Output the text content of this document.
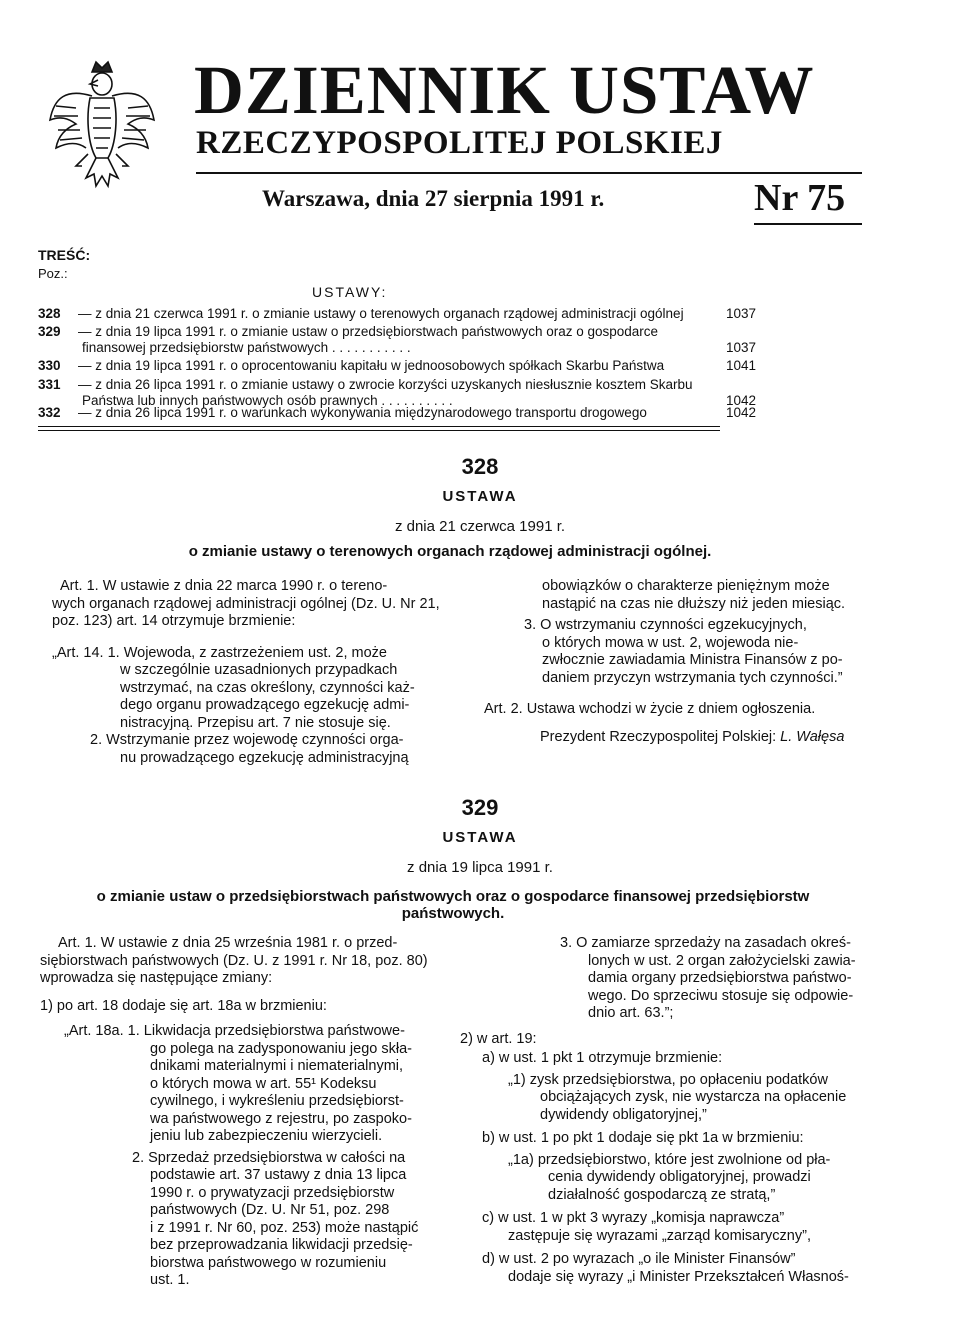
DZIENNIK USTAW
RZECZYPOSPOLITEJ POLSKIEJ
Warszawa, dnia 27 sierpnia 1991 r.	Nr 75
TREŚĆ:
Poz.:
USTAWY:
328 — z dnia 21 czerwca 1991 r. o zmianie ustawy o terenowych organach rządowej administracji ogólnej	1037
329 — z dnia 19 lipca 1991 r. o zmianie ustaw o przedsiębiorstwach państwowych oraz o gospodarce
finansowej przedsiębiorstw państwowych . . . . . . . . . . .	1037
330 — z dnia 19 lipca 1991 r. o oprocentowaniu kapitału w jednoosobowych spółkach Skarbu Państwa	1041
331 — z dnia 26 lipca 1991 r. o zmianie ustawy o zwrocie korzyści uzyskanych niesłusznie kosztem Skarbu
Państwa lub innych państwowych osób prawnych . . . . . . . . . .	1042
332 — z dnia 26 lipca 1991 r. o warunkach wykonywania międzynarodowego transportu drogowego	1042
328
USTAWA
z dnia 21 czerwca 1991 r.
o zmianie ustawy o terenowych organach rządowej administracji ogólnej.
Art. 1. W ustawie z dnia 22 marca 1990 r. o tereno-
wych organach rządowej administracji ogólnej (Dz. U. Nr 21,
poz. 123) art. 14 otrzymuje brzmienie:
„Art. 14. 1. Wojewoda, z zastrzeżeniem ust. 2, może
w szczególnie uzasadnionych przypadkach
wstrzymać, na czas określony, czynności każ-
dego organu prowadzącego egzekucję admi-
nistracyjną. Przepisu art. 7 nie stosuje się.
2. Wstrzymanie przez wojewodę czynności orga-
nu prowadzącego egzekucję administracyjną
obowiązków o charakterze pieniężnym może
nastąpić na czas nie dłuższy niż jeden miesiąc.
3. O wstrzymaniu czynności egzekucyjnych,
o których mowa w ust. 2, wojewoda nie-
zwłocznie zawiadamia Ministra Finansów z po-
daniem przyczyn wstrzymania tych czynności.”
Art. 2. Ustawa wchodzi w życie z dniem ogłoszenia.
Prezydent Rzeczypospolitej Polskiej: L. Wałęsa
329
USTAWA
z dnia 19 lipca 1991 r.
o zmianie ustaw o przedsiębiorstwach państwowych oraz o gospodarce finansowej przedsiębiorstw
państwowych.
Art. 1. W ustawie z dnia 25 września 1981 r. o przed-
siębiorstwach państwowych (Dz. U. z 1991 r. Nr 18, poz. 80)
wprowadza się następujące zmiany:
1) po art. 18 dodaje się art. 18a w brzmieniu:
„Art. 18a. 1. Likwidacja przedsiębiorstwa państwowe-
go polega na zadysponowaniu jego skła-
dnikami materialnymi i niematerialnymi,
o których mowa w art. 55¹ Kodeksu
cywilnego, i wykreśleniu przedsiębiorst-
wa państwowego z rejestru, po zaspoko-
jeniu lub zabezpieczeniu wierzycieli.
2. Sprzedaż przedsiębiorstwa w całości na
podstawie art. 37 ustawy z dnia 13 lipca
1990 r. o prywatyzacji przedsiębiorstw
państwowych (Dz. U. Nr 51, poz. 298
i z 1991 r. Nr 60, poz. 253) może nastąpić
bez przeprowadzania likwidacji przedsię-
biorstwa państwowego w rozumieniu
ust. 1.
3. O zamiarze sprzedaży na zasadach okreś-
lonych w ust. 2 organ założycielski zawia-
damia organy przedsiębiorstwa państwo-
wego. Do sprzeciwu stosuje się odpowie-
dnio art. 63.”;
2) w art. 19:
a) w ust. 1 pkt 1 otrzymuje brzmienie:
„1) zysk przedsiębiorstwa, po opłaceniu podatków
obciążających zysk, nie wystarcza na opłacenie
dywidendy obligatoryjnej,”
b) w ust. 1 po pkt 1 dodaje się pkt 1a w brzmieniu:
„1a) przedsiębiorstwo, które jest zwolnione od pła-
cenia dywidendy obligatoryjnej, prowadzi
działalność gospodarczą ze stratą,”
c) w ust. 1 w pkt 3 wyrazy „komisja naprawcza”
zastępuje się wyrazami „zarząd komisaryczny”,
d) w ust. 2 po wyrazach „o ile Minister Finansów”
dodaje się wyrazy „i Minister Przekształceń Własnoś-
